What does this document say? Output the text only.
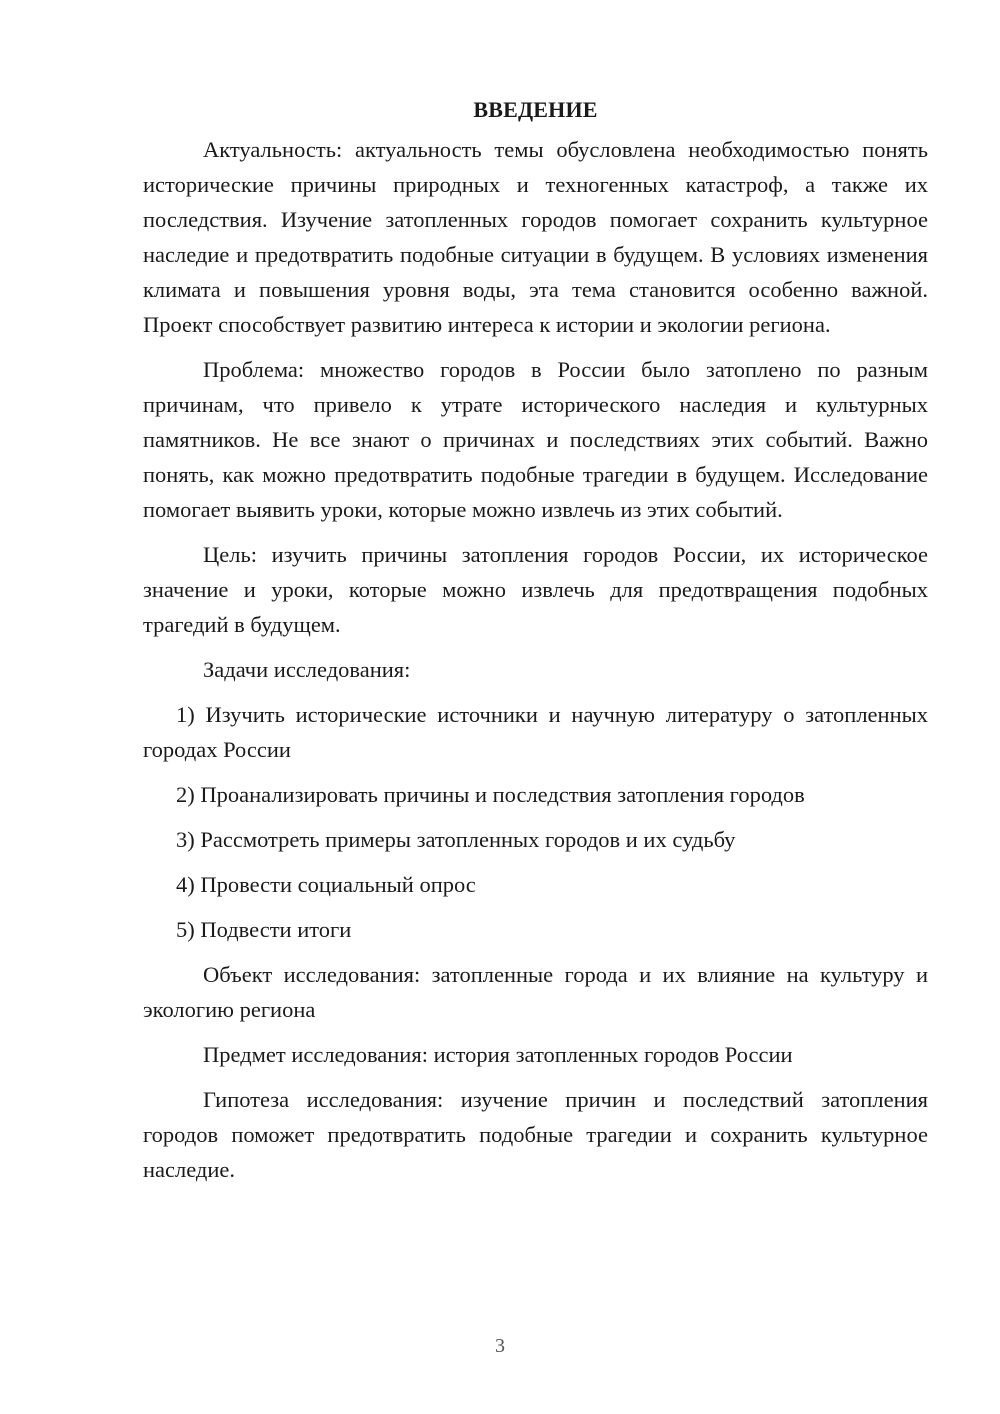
ВВЕДЕНИЕ

Актуальность: актуальность темы обусловлена необходимостью понять исторические причины природных и техногенных катастроф, а также их последствия. Изучение затопленных городов помогает сохранить культурное наследие и предотвратить подобные ситуации в будущем. В условиях изменения климата и повышения уровня воды, эта тема становится особенно важной. Проект способствует развитию интереса к истории и экологии региона.

Проблема: множество городов в России было затоплено по разным причинам, что привело к утрате исторического наследия и культурных памятников. Не все знают о причинах и последствиях этих событий. Важно понять, как можно предотвратить подобные трагедии в будущем. Исследование помогает выявить уроки, которые можно извлечь из этих событий.

Цель: изучить причины затопления городов России, их историческое значение и уроки, которые можно извлечь для предотвращения подобных трагедий в будущем.

Задачи исследования:

1) Изучить исторические источники и научную литературу о затопленных городах России

2) Проанализировать причины и последствия затопления городов

3) Рассмотреть примеры затопленных городов и их судьбу

4) Провести социальный опрос

5) Подвести итоги

Объект исследования: затопленные города и их влияние на культуру и экологию региона

Предмет исследования: история затопленных городов России

Гипотеза исследования: изучение причин и последствий затопления городов поможет предотвратить подобные трагедии и сохранить культурное наследие.

3
